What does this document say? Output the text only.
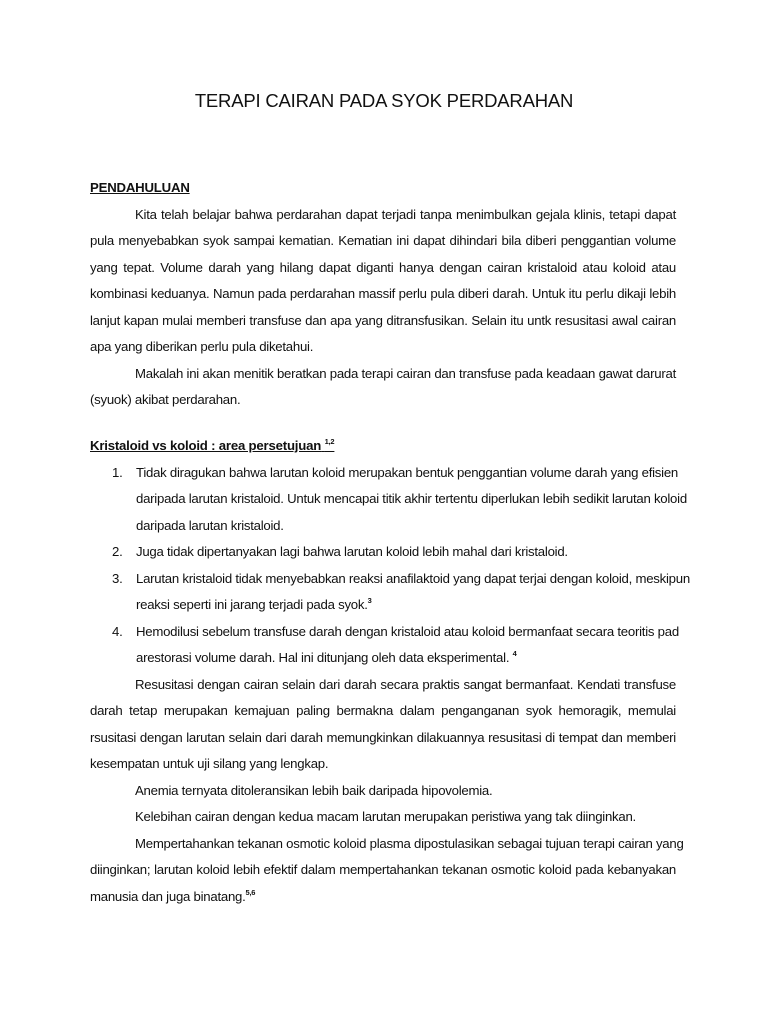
TERAPI CAIRAN PADA SYOK PERDARAHAN
PENDAHULUAN
Kita telah belajar bahwa perdarahan dapat terjadi tanpa menimbulkan gejala klinis, tetapi dapat
pula menyebabkan syok sampai kematian. Kematian ini dapat dihindari bila diberi penggantian volume
yang tepat. Volume darah yang hilang dapat diganti hanya dengan cairan kristaloid atau koloid atau
kombinasi keduanya. Namun pada perdarahan massif perlu pula diberi darah. Untuk itu perlu dikaji lebih
lanjut kapan mulai memberi transfuse dan apa yang ditransfusikan. Selain itu untk resusitasi awal cairan
apa yang diberikan perlu pula diketahui.
Makalah ini akan menitik beratkan pada terapi cairan dan transfuse pada keadaan gawat darurat
(syuok) akibat perdarahan.
Kristaloid vs koloid : area persetujuan $^{1,2}$
1. Tidak diragukan bahwa larutan koloid merupakan bentuk penggantian volume darah yang efisien
daripada larutan kristaloid. Untuk mencapai titik akhir tertentu diperlukan lebih sedikit larutan koloid
daripada larutan kristaloid.
2. Juga tidak dipertanyakan lagi bahwa larutan koloid lebih mahal dari kristaloid.
3. Larutan kristaloid tidak menyebabkan reaksi anafilaktoid yang dapat terjai dengan koloid, meskipun
reaksi seperti ini jarang terjadi pada syok.$^3$
4. Hemodilusi sebelum transfuse darah dengan kristaloid atau koloid bermanfaat secara teoritis pad
arestorasi volume darah. Hal ini ditunjang oleh data eksperimental. $^4$
Resusitasi dengan cairan selain dari darah secara praktis sangat bermanfaat. Kendati transfuse
darah tetap merupakan kemajuan paling bermakna dalam penganganan syok hemoragik, memulai
rsusitasi dengan larutan selain dari darah memungkinkan dilakuannya resusitasi di tempat dan memberi
kesempatan untuk uji silang yang lengkap.
Anemia ternyata ditoleransikan lebih baik daripada hipovolemia.
Kelebihan cairan dengan kedua macam larutan merupakan peristiwa yang tak diinginkan.
Mempertahankan tekanan osmotic koloid plasma dipostulasikan sebagai tujuan terapi cairan yang
diinginkan; larutan koloid lebih efektif dalam mempertahankan tekanan osmotic koloid pada kebanyakan
manusia dan juga binatang.$^{5,6}$
